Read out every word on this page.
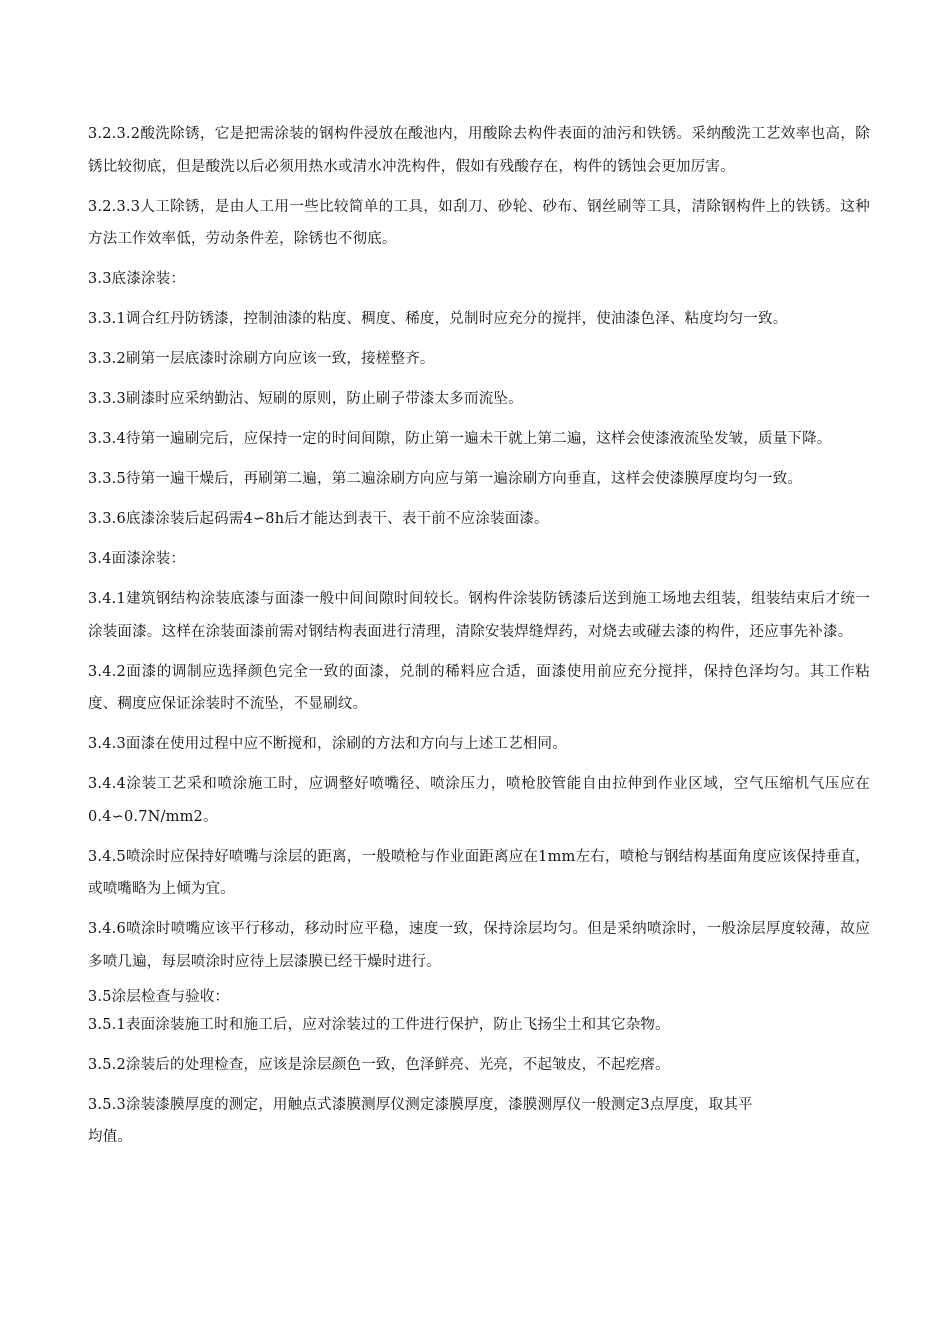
3.2.3.2酸洗除锈，它是把需涂装的钢构件浸放在酸池内，用酸除去构件表面的油污和铁锈。采纳酸洗工艺效率也高，除锈比较彻底，但是酸洗以后必须用热水或清水冲洗构件，假如有残酸存在，构件的锈蚀会更加厉害。

3.2.3.3人工除锈，是由人工用一些比较简单的工具，如刮刀、砂轮、砂布、钢丝刷等工具，清除钢构件上的铁锈。这种方法工作效率低，劳动条件差，除锈也不彻底。

3.3底漆涂装：

3.3.1调合红丹防锈漆，控制油漆的粘度、稠度、稀度，兑制时应充分的搅拌，使油漆色泽、粘度均匀一致。

3.3.2刷第一层底漆时涂刷方向应该一致，接槎整齐。

3.3.3刷漆时应采纳勤沾、短刷的原则，防止刷子带漆太多而流坠。

3.3.4待第一遍刷完后，应保持一定的时间间隙，防止第一遍未干就上第二遍，这样会使漆液流坠发皱，质量下降。

3.3.5待第一遍干燥后，再刷第二遍，第二遍涂刷方向应与第一遍涂刷方向垂直，这样会使漆膜厚度均匀一致。

3.3.6底漆涂装后起码需4∽8h后才能达到表干、表干前不应涂装面漆。

3.4面漆涂装：

3.4.1建筑钢结构涂装底漆与面漆一般中间间隙时间较长。钢构件涂装防锈漆后送到施工场地去组装，组装结束后才统一涂装面漆。这样在涂装面漆前需对钢结构表面进行清理，清除安装焊缝焊药，对烧去或碰去漆的构件，还应事先补漆。

3.4.2面漆的调制应选择颜色完全一致的面漆，兑制的稀料应合适，面漆使用前应充分搅拌，保持色泽均匀。其工作粘度、稠度应保证涂装时不流坠，不显刷纹。

3.4.3面漆在使用过程中应不断搅和，涂刷的方法和方向与上述工艺相同。

3.4.4涂装工艺采和喷涂施工时，应调整好喷嘴径、喷涂压力，喷枪胶管能自由拉伸到作业区域，空气压缩机气压应在0.4∽0.7N/mm2。

3.4.5喷涂时应保持好喷嘴与涂层的距离，一般喷枪与作业面距离应在1mm左右，喷枪与钢结构基面角度应该保持垂直，或喷嘴略为上倾为宜。

3.4.6喷涂时喷嘴应该平行移动，移动时应平稳，速度一致，保持涂层均匀。但是采纳喷涂时，一般涂层厚度较薄，故应多喷几遍，每层喷涂时应待上层漆膜已经干燥时进行。

3.5涂层检查与验收：

3.5.1表面涂装施工时和施工后，应对涂装过的工件进行保护，防止飞扬尘土和其它杂物。

3.5.2涂装后的处理检查，应该是涂层颜色一致，色泽鲜亮、光亮，不起皱皮，不起疙瘩。

3.5.3涂装漆膜厚度的测定，用触点式漆膜测厚仪测定漆膜厚度，漆膜测厚仪一般测定3点厚度，取其平

均值。
